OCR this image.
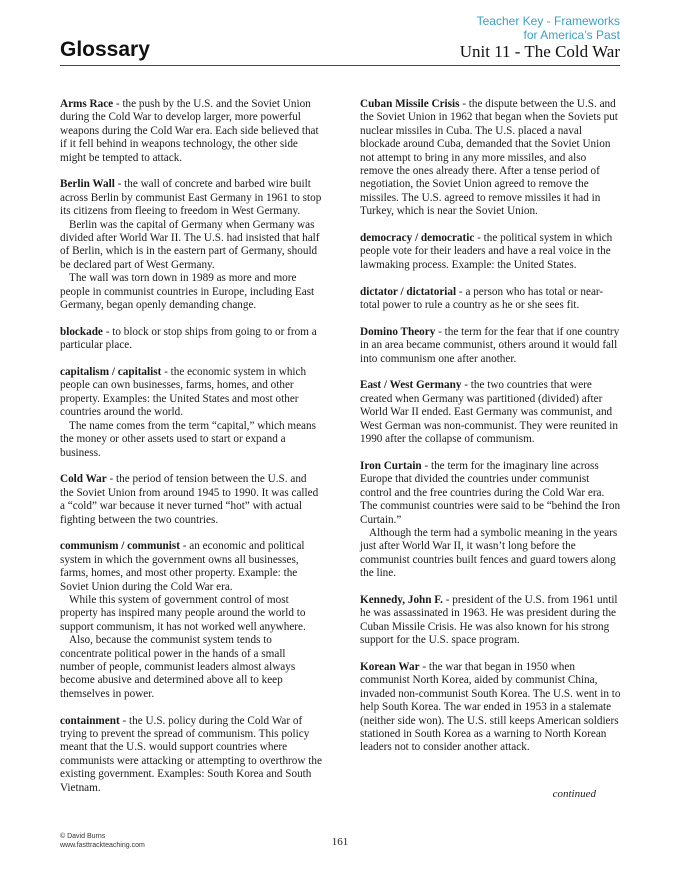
Teacher Key - Frameworks
for America’s Past
Glossary	Unit 11 - The Cold War

Arms Race - the push by the U.S. and the Soviet Union during the Cold War to develop larger, more powerful weapons during the Cold War era. Each side believed that if it fell behind in weapons technology, the other side might be tempted to attack.

Berlin Wall - the wall of concrete and barbed wire built across Berlin by communist East Germany in 1961 to stop its citizens from fleeing to freedom in West Germany.

Berlin was the capital of Germany when Germany was divided after World War II. The U.S. had insisted that half of Berlin, which is in the eastern part of Germany, should be declared part of West Germany.

The wall was torn down in 1989 as more and more people in communist countries in Europe, including East Germany, began openly demanding change.

blockade - to block or stop ships from going to or from a particular place.

capitalism / capitalist - the economic system in which people can own businesses, farms, homes, and other property. Examples: the United States and most other countries around the world.

The name comes from the term “capital,” which means the money or other assets used to start or expand a business.

Cold War - the period of tension between the U.S. and the Soviet Union from around 1945 to 1990. It was called a “cold” war because it never turned “hot” with actual fighting between the two countries.

communism / communist - an economic and political system in which the government owns all businesses, farms, homes, and most other property. Example: the Soviet Union during the Cold War era.

While this system of government control of most property has inspired many people around the world to support communism, it has not worked well anywhere.

Also, because the communist system tends to concentrate political power in the hands of a small number of people, communist leaders almost always become abusive and determined above all to keep themselves in power.

containment - the U.S. policy during the Cold War of trying to prevent the spread of communism. This policy meant that the U.S. would support countries where communists were attacking or attempting to overthrow the existing government. Examples: South Korea and South Vietnam.

Cuban Missile Crisis - the dispute between the U.S. and the Soviet Union in 1962 that began when the Soviets put nuclear missiles in Cuba. The U.S. placed a naval blockade around Cuba, demanded that the Soviet Union not attempt to bring in any more missiles, and also remove the ones already there. After a tense period of negotiation, the Soviet Union agreed to remove the missiles. The U.S. agreed to remove missiles it had in Turkey, which is near the Soviet Union.

democracy / democratic - the political system in which people vote for their leaders and have a real voice in the lawmaking process. Example: the United States.

dictator / dictatorial - a person who has total or near-total power to rule a country as he or she sees fit.

Domino Theory - the term for the fear that if one country in an area became communist, others around it would fall into communism one after another.

East / West Germany - the two countries that were created when Germany was partitioned (divided) after World War II ended. East Germany was communist, and West German was non-communist. They were reunited in 1990 after the collapse of communism.

Iron Curtain - the term for the imaginary line across Europe that divided the countries under communist control and the free countries during the Cold War era. The communist countries were said to be “behind the Iron Curtain.”

Although the term had a symbolic meaning in the years just after World War II, it wasn’t long before the communist countries built fences and guard towers along the line.

Kennedy, John F. - president of the U.S. from 1961 until he was assassinated in 1963. He was president during the Cuban Missile Crisis. He was also known for his strong support for the U.S. space program.

Korean War - the war that began in 1950 when communist North Korea, aided by communist China, invaded non-communist South Korea. The U.S. went in to help South Korea. The war ended in 1953 in a stalemate (neither side won). The U.S. still keeps American soldiers stationed in South Korea as a warning to North Korean leaders not to consider another attack.

continued
© David Burns
www.fasttrackteaching.com	161
